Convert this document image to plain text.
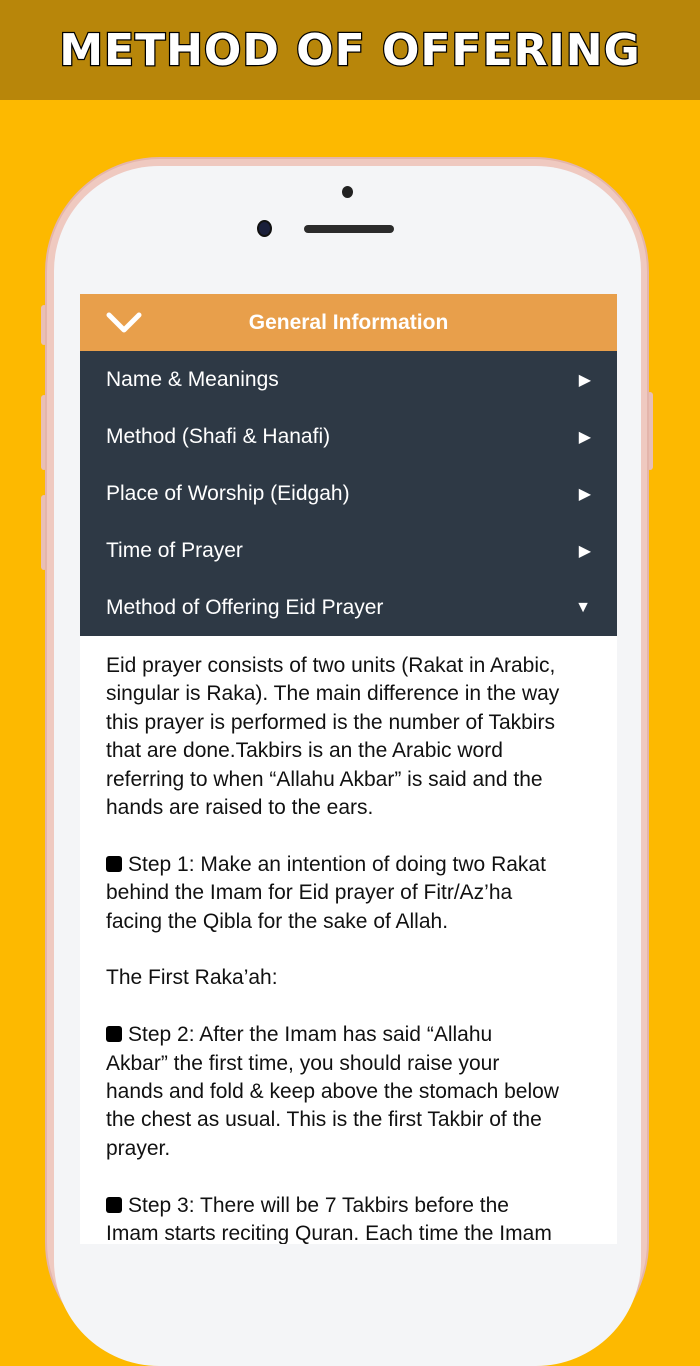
METHOD OF OFFERING
General Information
Name & Meanings	▶
Method (Shafi & Hanafi)	▶
Place of Worship (Eidgah)	▶
Time of Prayer	▶
Method of Offering Eid Prayer	▼
Eid prayer consists of two units (Rakat in Arabic,
singular is Raka). The main difference in the way
this prayer is performed is the number of Takbirs
that are done.Takbirs is an the Arabic word
referring to when “Allahu Akbar” is said and the
hands are raised to the ears.
Step 1: Make an intention of doing two Rakat
behind the Imam for Eid prayer of Fitr/Az’ha
facing the Qibla for the sake of Allah.
The First Raka’ah:
Step 2: After the Imam has said “Allahu
Akbar” the first time, you should raise your
hands and fold & keep above the stomach below
the chest as usual. This is the first Takbir of the
prayer.
Step 3: There will be 7 Takbirs before the
Imam starts reciting Quran. Each time the Imam
